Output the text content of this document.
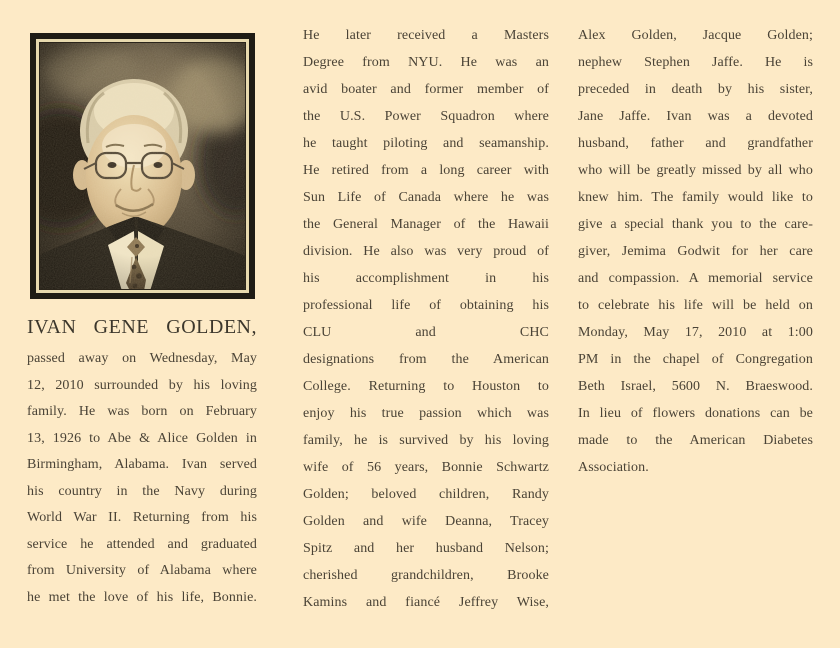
IVAN GENE GOLDEN,
passed away on Wednesday, May
12, 2010 surrounded by his loving
family. He was born on February
13, 1926 to Abe & Alice Golden in
Birmingham, Alabama. Ivan served
his country in the Navy during
World War II. Returning from his
service he attended and graduated
from University of Alabama where
he met the love of his life, Bonnie.
He later received a Masters
Degree from NYU. He was an
avid boater and former member of
the U.S. Power Squadron where
he taught piloting and seamanship.
He retired from a long career with
Sun Life of Canada where he was
the General Manager of the Hawaii
division. He also was very proud of
his accomplishment in his
professional life of obtaining his
CLU and CHC
designations from the American
College. Returning to Houston to
enjoy his true passion which was
family, he is survived by his loving
wife of 56 years, Bonnie Schwartz
Golden; beloved children, Randy
Golden and wife Deanna, Tracey
Spitz and her husband Nelson;
cherished grandchildren, Brooke
Kamins and fiancé Jeffrey Wise,
Alex Golden, Jacque Golden;
nephew Stephen Jaffe. He is
preceded in death by his sister,
Jane Jaffe. Ivan was a devoted
husband, father and grandfather
who will be greatly missed by all who
knew him. The family would like to
give a special thank you to the care-
giver, Jemima Godwit for her care
and compassion. A memorial service
to celebrate his life will be held on
Monday, May 17, 2010 at 1:00
PM in the chapel of Congregation
Beth Israel, 5600 N. Braeswood.
In lieu of flowers donations can be
made to the American Diabetes
Association.
